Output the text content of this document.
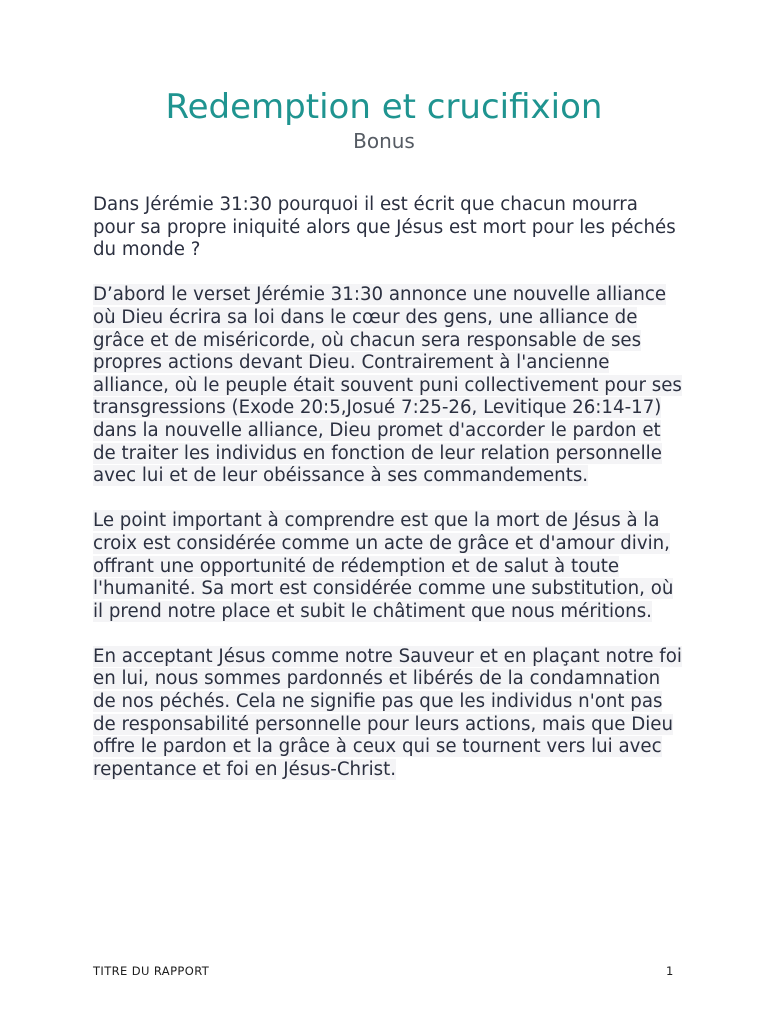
Redemption et crucifixion
Bonus

Dans Jérémie 31:30 pourquoi il est écrit que chacun mourra pour sa propre iniquité alors que Jésus est mort pour les péchés du monde ?

D’abord le verset Jérémie 31:30 annonce une nouvelle alliance où Dieu écrira sa loi dans le cœur des gens, une alliance de grâce et de miséricorde, où chacun sera responsable de ses propres actions devant Dieu. Contrairement à l'ancienne alliance, où le peuple était souvent puni collectivement pour ses transgressions (Exode 20:5,Josué 7:25-26, Levitique 26:14-17) dans la nouvelle alliance, Dieu promet d'accorder le pardon et de traiter les individus en fonction de leur relation personnelle avec lui et de leur obéissance à ses commandements.

Le point important à comprendre est que la mort de Jésus à la croix est considérée comme un acte de grâce et d'amour divin, offrant une opportunité de rédemption et de salut à toute l'humanité. Sa mort est considérée comme une substitution, où il prend notre place et subit le châtiment que nous méritions.

En acceptant Jésus comme notre Sauveur et en plaçant notre foi en lui, nous sommes pardonnés et libérés de la condamnation de nos péchés. Cela ne signifie pas que les individus n'ont pas de responsabilité personnelle pour leurs actions, mais que Dieu offre le pardon et la grâce à ceux qui se tournent vers lui avec repentance et foi en Jésus-Christ.

TITRE DU RAPPORT	1
